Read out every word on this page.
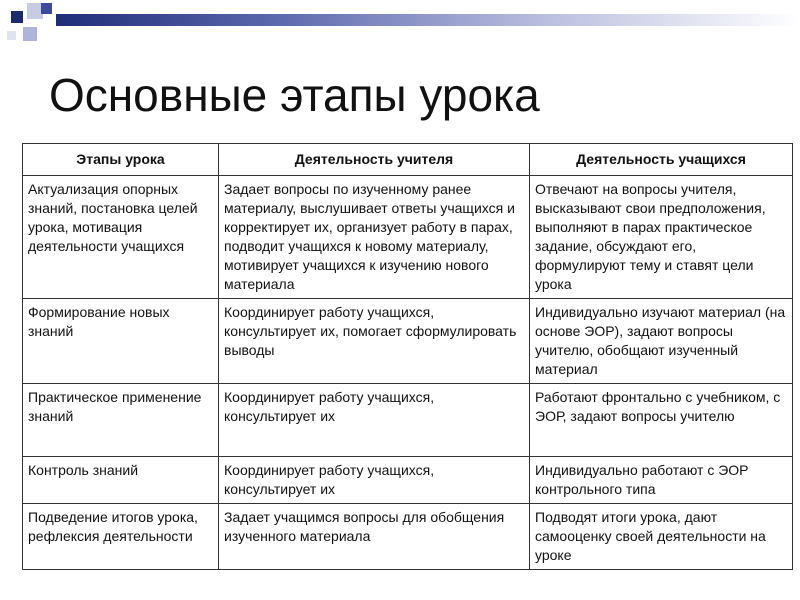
Основные этапы урока
Этапы урока	Деятельность учителя	Деятельность учащихся
Актуализация опорных знаний, постановка целей урока, мотивация деятельности учащихся	Задает вопросы по изученному ранее материалу, выслушивает ответы учащихся и корректирует их, организует работу в парах, подводит учащихся к новому материалу, мотивирует учащихся к изучению нового материала	Отвечают на вопросы учителя, высказывают свои предположения, выполняют в парах практическое задание, обсуждают его, формулируют тему и ставят цели урока
Формирование новых знаний	Координирует работу учащихся, консультирует их, помогает сформулировать выводы	Индивидуально изучают материал (на основе ЭОР), задают вопросы учителю, обобщают изученный материал
Практическое применение знаний	Координирует работу учащихся, консультирует их	Работают фронтально с учебником, с ЭОР, задают вопросы учителю
Контроль знаний	Координирует работу учащихся, консультирует их	Индивидуально работают с ЭОР контрольного типа
Подведение итогов урока, рефлексия деятельности	Задает учащимся вопросы для обобщения изученного материала	Подводят итоги урока, дают самооценку своей деятельности на уроке
